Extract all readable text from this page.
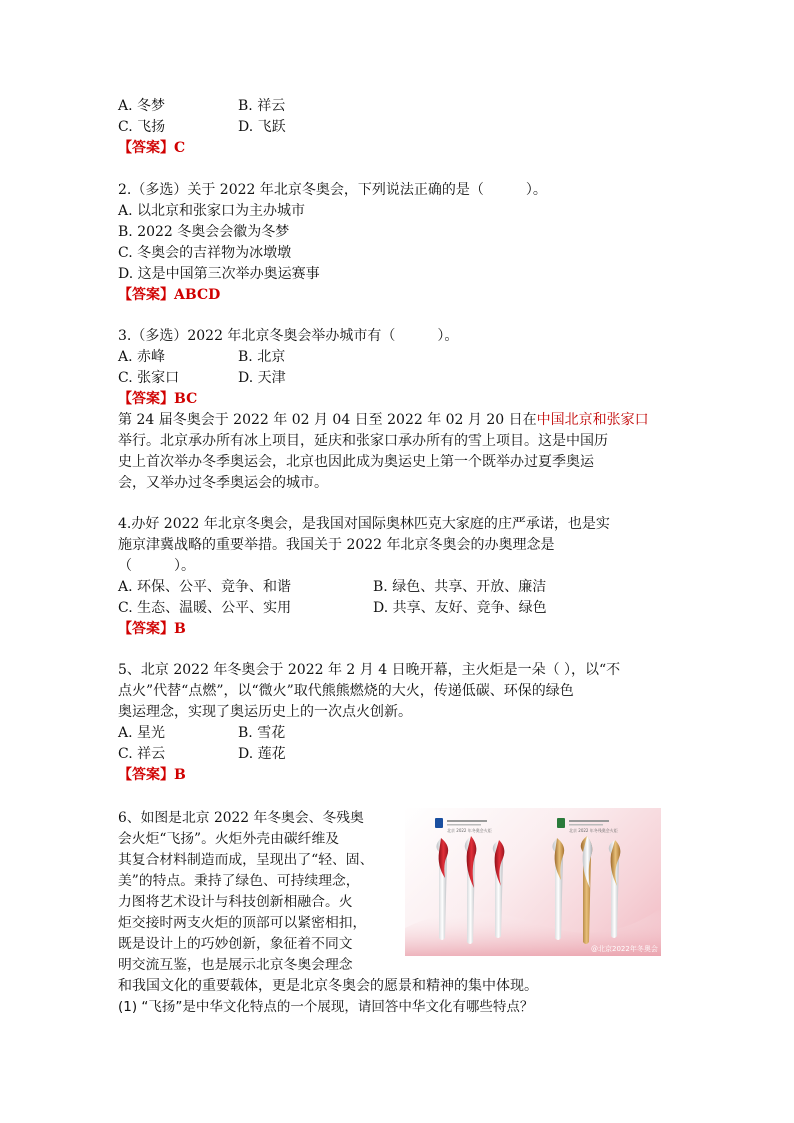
A. 冬梦	B. 祥云
C. 飞扬	D. 飞跃
【答案】C
2.（多选）关于 2022 年北京冬奥会，下列说法正确的是（　　　）。
A. 以北京和张家口为主办城市
B. 2022 冬奥会会徽为冬梦
C. 冬奥会的吉祥物为冰墩墩
D. 这是中国第三次举办奥运赛事
【答案】ABCD
3.（多选）2022 年北京冬奥会举办城市有（　　　）。
A. 赤峰	B. 北京
C. 张家口	D. 天津
【答案】BC
第 24 届冬奥会于 2022 年 02 月 04 日至 2022 年 02 月 20 日在中国北京和张家口
举行。北京承办所有冰上项目，延庆和张家口承办所有的雪上项目。这是中国历
史上首次举办冬季奥运会，北京也因此成为奥运史上第一个既举办过夏季奥运
会，又举办过冬季奥运会的城市。
4.办好 2022 年北京冬奥会，是我国对国际奥林匹克大家庭的庄严承诺，也是实
施京津冀战略的重要举措。我国关于 2022 年北京冬奥会的办奥理念是
（　　　）。
A. 环保、公平、竞争、和谐	B. 绿色、共享、开放、廉洁
C. 生态、温暖、公平、实用	D. 共享、友好、竞争、绿色
【答案】B
5、北京 2022 年冬奥会于 2022 年 2 月 4 日晚开幕，主火炬是一朵（ ），以“不
点火”代替“点燃”，以“微火”取代熊熊燃烧的大火，传递低碳、环保的绿色
奥运理念，实现了奥运历史上的一次点火创新。
A. 星光	B. 雪花
C. 祥云	D. 莲花
【答案】B
6、如图是北京 2022 年冬奥会、冬残奥
会火炬“飞扬”。火炬外壳由碳纤维及
其复合材料制造而成，呈现出了“轻、固、
美”的特点。秉持了绿色、可持续理念，
力图将艺术设计与科技创新相融合。火
炬交接时两支火炬的顶部可以紧密相扣，
既是设计上的巧妙创新，象征着不同文
明交流互鉴，也是展示北京冬奥会理念
和我国文化的重要载体，更是北京冬奥会的愿景和精神的集中体现。
(1) “飞扬”是中华文化特点的一个展现，请回答中华文化有哪些特点？
北京 2022 年冬奥会火炬	北京 2022 年冬残奥会火炬
@北京2022年冬奥会
